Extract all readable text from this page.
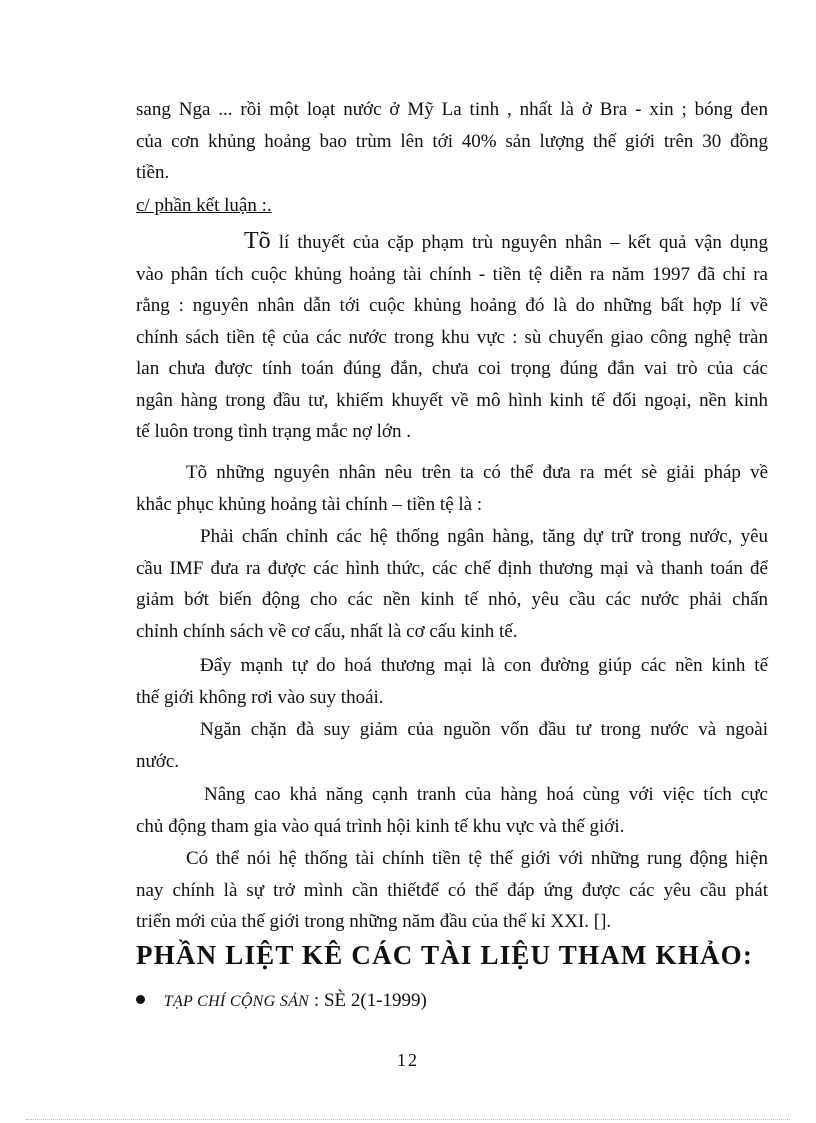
sang Nga ... rồi một loạt nước ở Mỹ La tinh , nhất là ở Bra - xin ; bóng đen
của cơn khủng hoảng bao trùm lên tới 40% sản lượng thế giới trên 30 đồng
tiền.
c/ phần kết luận :.
Tõ lí thuyết của cặp phạm trù nguyên nhân – kết quả vận dụng
vào phân tích cuộc khủng hoảng tài chính - tiền tệ diễn ra năm 1997 đã chỉ ra
rằng : nguyên nhân dẫn tới cuộc khủng hoảng đó là do những bất hợp lí về
chính sách tiền tệ của các nước trong khu vực : sù chuyển giao công nghệ tràn
lan chưa được tính toán đúng đắn, chưa coi trọng đúng đắn vai trò của các
ngân hàng trong đầu tư, khiếm khuyết về mô hình kinh tế đối ngoại, nền kinh
tế luôn trong tình trạng mắc nợ lớn .
Tõ những nguyên nhân nêu trên ta có thể đưa ra mét sè giải pháp về
khắc phục khủng hoảng tài chính – tiền tệ là :
Phải chấn chỉnh các hệ thống ngân hàng, tăng dự trữ trong nước, yêu
cầu IMF đưa ra được các hình thức, các chế định thương mại và thanh toán để
giảm bớt biến động cho các nền kinh tế nhỏ, yêu cầu các nước phải chấn
chỉnh chính sách về cơ cấu, nhất là cơ cấu kinh tế.
Đẩy mạnh tự do hoá thương mại là con đường giúp các nền kinh tế
thế giới không rơi vào suy thoái.
Ngăn chặn đà suy giảm của nguồn vốn đầu tư trong nước và ngoài
nước.
Nâng cao khả năng cạnh tranh của hàng hoá cùng với việc tích cực
chủ động tham gia vào quá trình hội kinh tế khu vực và thế giới.
Có thể nói hệ thống tài chính tiền tệ thế giới với những rung động hiện
nay chính là sự trở mình cần thiếtđể có thể đáp ứng được các yêu cầu phát
triển mới của thế giới trong những năm đầu của thế kỉ XXI. [].
PHẦN LIỆT KÊ CÁC TÀI LIỆU THAM KHẢO:
TẠP CHÍ CỘNG SẢN : SÈ 2(1-1999)
12
